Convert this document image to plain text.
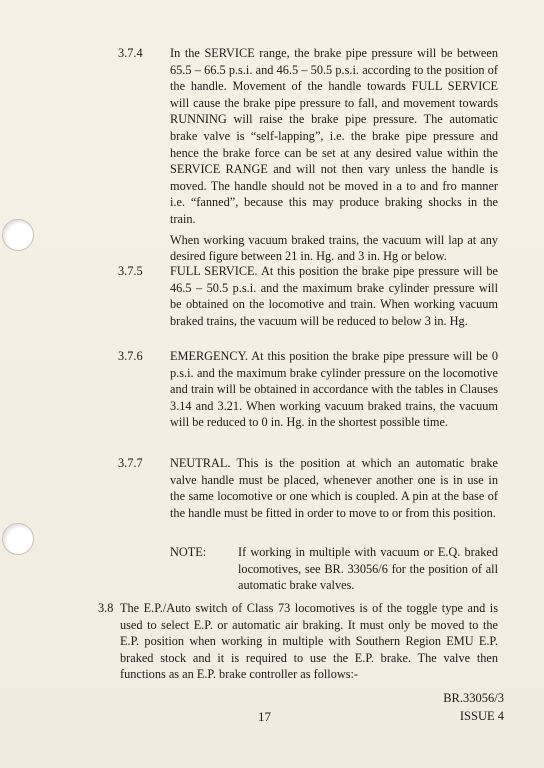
3.7.4	In the SERVICE range, the brake pipe pressure will be between 65.5 – 66.5 p.s.i. and 46.5 – 50.5 p.s.i. according to the position of the handle. Movement of the handle towards FULL SERVICE will cause the brake pipe pressure to fall, and movement towards RUNNING will raise the brake pipe pressure. The automatic brake valve is “self-lapping”, i.e. the brake pipe pressure and hence the brake force can be set at any desired value within the SERVICE RANGE and will not then vary unless the handle is moved. The handle should not be moved in a to and fro manner i.e. “fanned”, because this may produce braking shocks in the train.

When working vacuum braked trains, the vacuum will lap at any desired figure between 21 in. Hg. and 3 in. Hg or below.

3.7.5	FULL SERVICE. At this position the brake pipe pressure will be 46.5 – 50.5 p.s.i. and the maximum brake cylinder pressure will be obtained on the locomotive and train. When working vacuum braked trains, the vacuum will be reduced to below 3 in. Hg.

3.7.6	EMERGENCY. At this position the brake pipe pressure will be 0 p.s.i. and the maximum brake cylinder pressure on the locomotive and train will be obtained in accordance with the tables in Clauses 3.14 and 3.21. When working vacuum braked trains, the vacuum will be reduced to 0 in. Hg. in the shortest possible time.

3.7.7	NEUTRAL. This is the position at which an automatic brake valve handle must be placed, whenever another one is in use in the same locomotive or one which is coupled. A pin at the base of the handle must be fitted in order to move to or from this position.

NOTE:	If working in multiple with vacuum or E.Q. braked locomotives, see BR. 33056/6 for the position of all automatic brake valves.
3.8 The E.P./Auto switch of Class 73 locomotives is of the toggle type and is used to select E.P. or automatic air braking. It must only be moved to the E.P. position when working in multiple with Southern Region EMU E.P. braked stock and it is required to use the E.P. brake. The valve then functions as an E.P. brake controller as follows:-
BR.33056/3
ISSUE 4
17
